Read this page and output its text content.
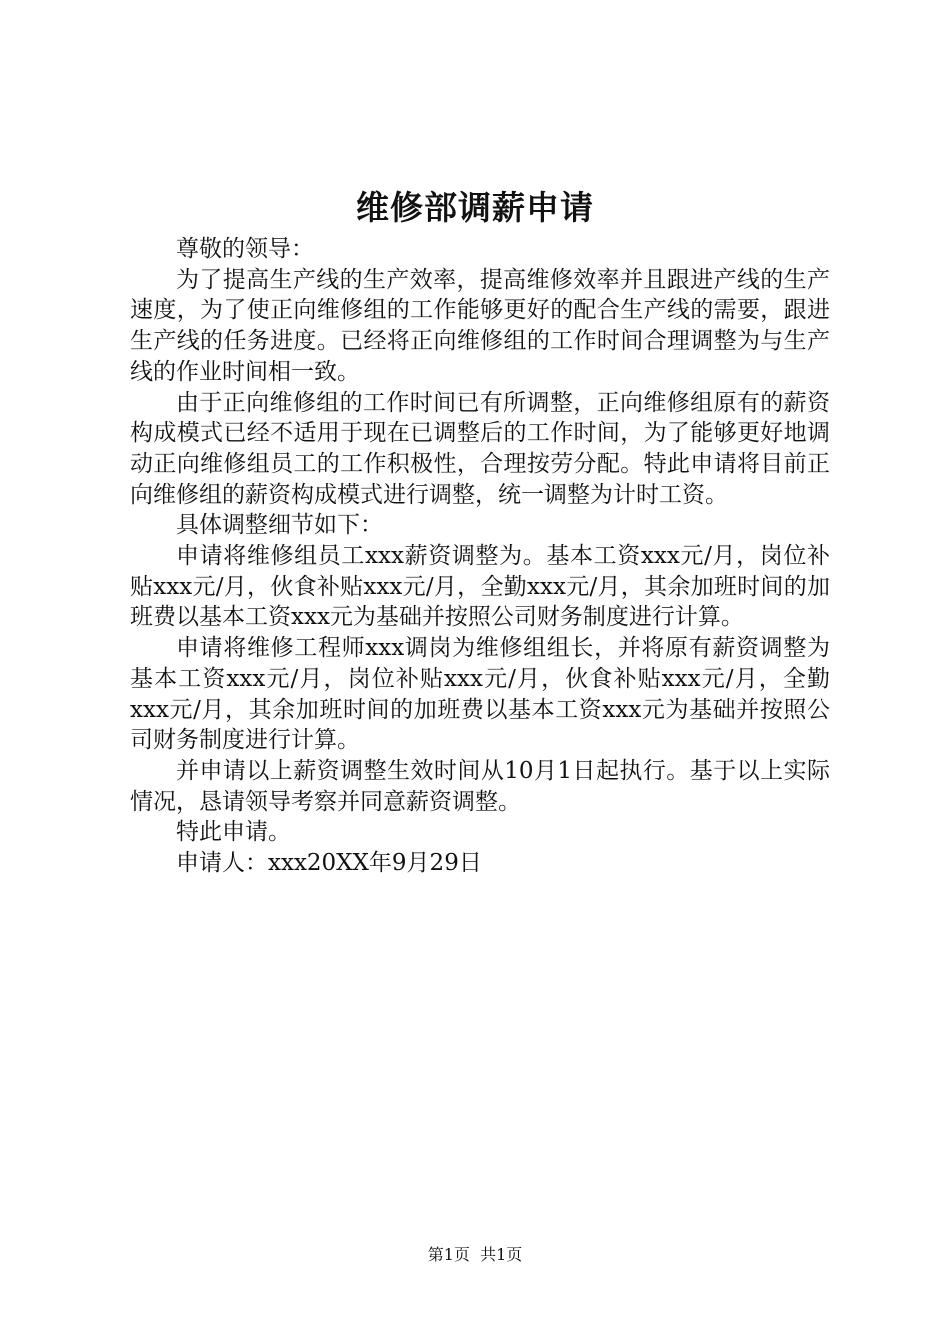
维修部调薪申请

尊敬的领导：

为了提高生产线的生产效率，提高维修效率并且跟进产线的生产速度，为了使正向维修组的工作能够更好的配合生产线的需要，跟进生产线的任务进度。已经将正向维修组的工作时间合理调整为与生产线的作业时间相一致。

由于正向维修组的工作时间已有所调整，正向维修组原有的薪资构成模式已经不适用于现在已调整后的工作时间，为了能够更好地调动正向维修组员工的工作积极性，合理按劳分配。特此申请将目前正向维修组的薪资构成模式进行调整，统一调整为计时工资。

具体调整细节如下：

申请将维修组员工xxx薪资调整为。基本工资xxx元/月，岗位补贴xxx元/月，伙食补贴xxx元/月，全勤xxx元/月，其余加班时间的加班费以基本工资xxx元为基础并按照公司财务制度进行计算。

申请将维修工程师xxx调岗为维修组组长，并将原有薪资调整为基本工资xxx元/月，岗位补贴xxx元/月，伙食补贴xxx元/月，全勤xxx元/月，其余加班时间的加班费以基本工资xxx元为基础并按照公司财务制度进行计算。

并申请以上薪资调整生效时间从10月1日起执行。基于以上实际情况，恳请领导考察并同意薪资调整。

特此申请。

申请人：xxx20XX年9月29日

第1页  共1页
